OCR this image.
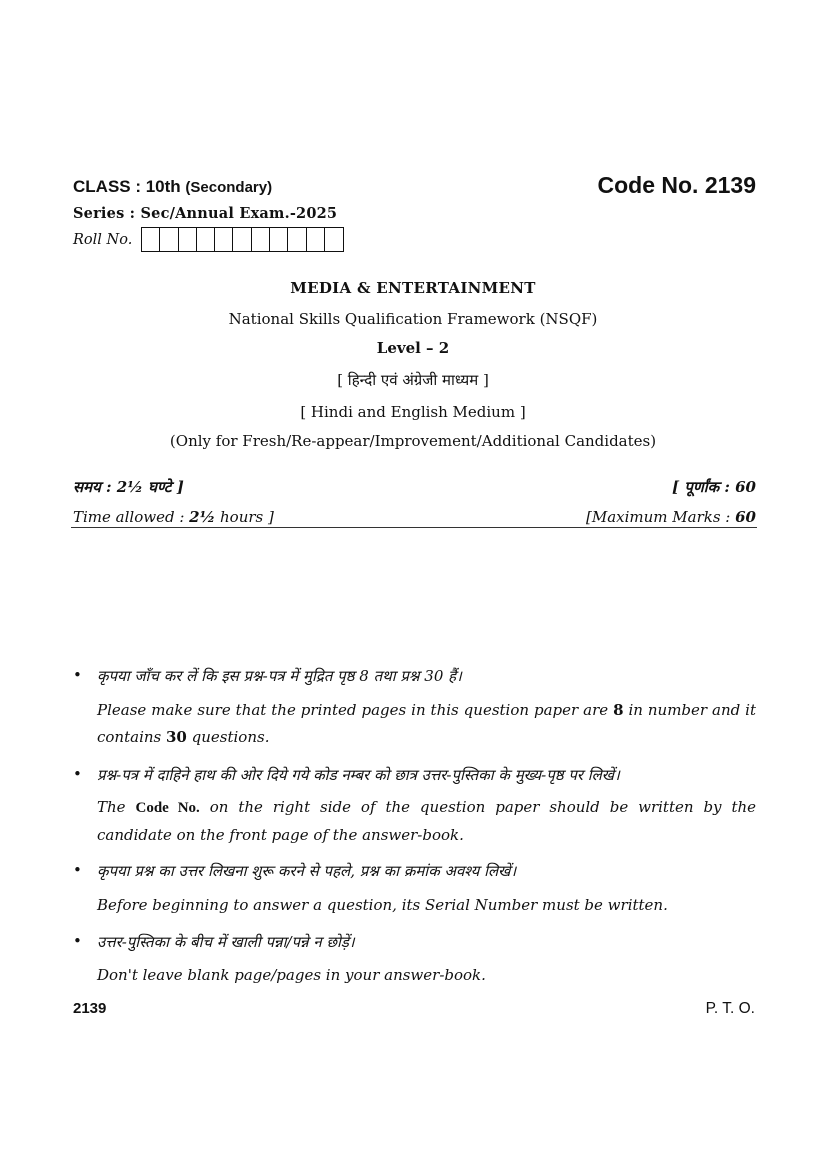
CLASS : 10th (Secondary)	Code No. 2139
Series : Sec/Annual Exam.-2025
Roll No.
MEDIA & ENTERTAINMENT
National Skills Qualification Framework (NSQF)
Level – 2
[ हिन्दी एवं अंग्रेजी माध्यम ]
[ Hindi and English Medium ]
(Only for Fresh/Re-appear/Improvement/Additional Candidates)
समय : 2½ घण्टे ]	[ पूर्णांक : 60
Time allowed : 2½ hours ]	[Maximum Marks : 60
• कृपया जाँच कर लें कि इस प्रश्न-पत्र में मुद्रित पृष्ठ 8 तथा प्रश्न 30 हैं।
Please make sure that the printed pages in this question paper are 8 in number and it contains 30 questions.
• प्रश्न-पत्र में दाहिने हाथ की ओर दिये गये कोड नम्बर को छात्र उत्तर-पुस्तिका के मुख्य-पृष्ठ पर लिखें।
The Code No. on the right side of the question paper should be written by the candidate on the front page of the answer-book.
• कृपया प्रश्न का उत्तर लिखना शुरू करने से पहले, प्रश्न का क्रमांक अवश्य लिखें।
Before beginning to answer a question, its Serial Number must be written.
• उत्तर-पुस्तिका के बीच में खाली पन्ना/पन्ने न छोड़ें।
Don't leave blank page/pages in your answer-book.
2139	P. T. O.
